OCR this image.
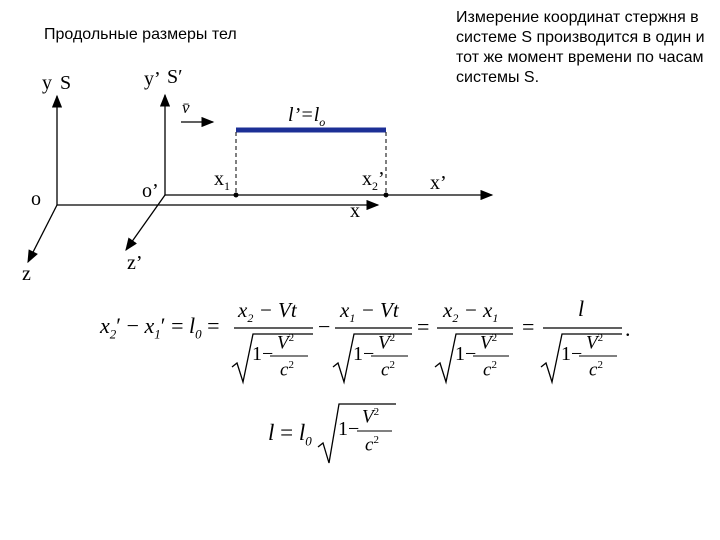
Продольные размеры тел
Измерение координат стержня в системе S производится в один и тот же момент времени по часам системы S.
y S
o
z
x
y’ S′
o’
z’
x’
v̄	$l’=l_o$
$x_1$	$x_2$’
$x_2' - x_1' = l_0$ =
$x_2 - Vt$ $x_1 - Vt$ $x_2 - x_1$	l
−	=	=	.
1−
$V^2$
$c^2$	1−
$V^2$
$c^2$	1−
$V^2$
$c^2$	1−
$V^2$
$c^2$
$l = l_0$
1−
$V^2$
$c^2$
